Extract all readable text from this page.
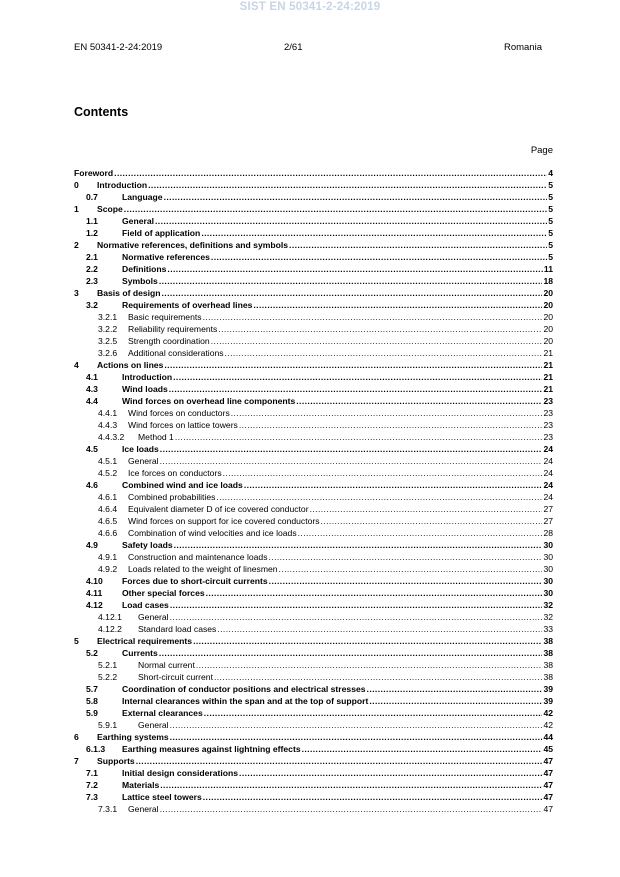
SIST EN 50341-2-24:2019
EN 50341-2-24:2019	2/61	Romania
Contents
Page
Foreword .....	4
0	Introduction .....	5
0.7	Language .....	5
1	Scope .....	5
1.1	General .....	5
1.2	Field of application .....	5
2	Normative references, definitions and symbols .....	5
2.1	Normative references .....	5
2.2	Definitions .....	11
2.3	Symbols .....	18
3	Basis of design .....	20
3.2	Requirements of overhead lines .....	20
3.2.1	Basic requirements .....	20
3.2.2	Reliability requirements .....	20
3.2.5	Strength coordination .....	20
3.2.6	Additional considerations .....	21
4	Actions on lines .....	21
4.1	Introduction .....	21
4.3	Wind loads .....	21
4.4	Wind forces on overhead line components .....	23
4.4.1	Wind forces on conductors .....	23
4.4.3	Wind forces on lattice towers .....	23
4.4.3.2	Method 1 .....	23
4.5	Ice loads .....	24
4.5.1	General .....	24
4.5.2	Ice forces on conductors .....	24
4.6	Combined wind and ice loads .....	24
4.6.1	Combined probabilities .....	24
4.6.4	Equivalent diameter D of ice covered conductor .....	27
4.6.5	Wind forces on support for ice covered conductors .....	27
4.6.6	Combination of wind velocities and ice loads .....	28
4.9	Safety loads .....	30
4.9.1	Construction and maintenance loads .....	30
4.9.2	Loads related to the weight of linesmen .....	30
4.10	Forces due to short-circuit currents .....	30
4.11	Other special forces .....	30
4.12	Load cases .....	32
4.12.1	General .....	32
4.12.2	Standard load cases .....	33
5	Electrical requirements .....	38
5.2	Currents .....	38
5.2.1	Normal current .....	38
5.2.2	Short-circuit current .....	38
5.7	Coordination of conductor positions and electrical stresses .....	39
5.8	Internal clearances within the span and at the top of support .....	39
5.9	External clearances .....	42
5.9.1	General .....	42
6	Earthing systems .....	44
6.1.3	Earthing measures against lightning effects .....	45
7	Supports .....	47
7.1	Initial design considerations .....	47
7.2	Materials .....	47
7.3	Lattice steel towers .....	47
7.3.1	General .....	47
